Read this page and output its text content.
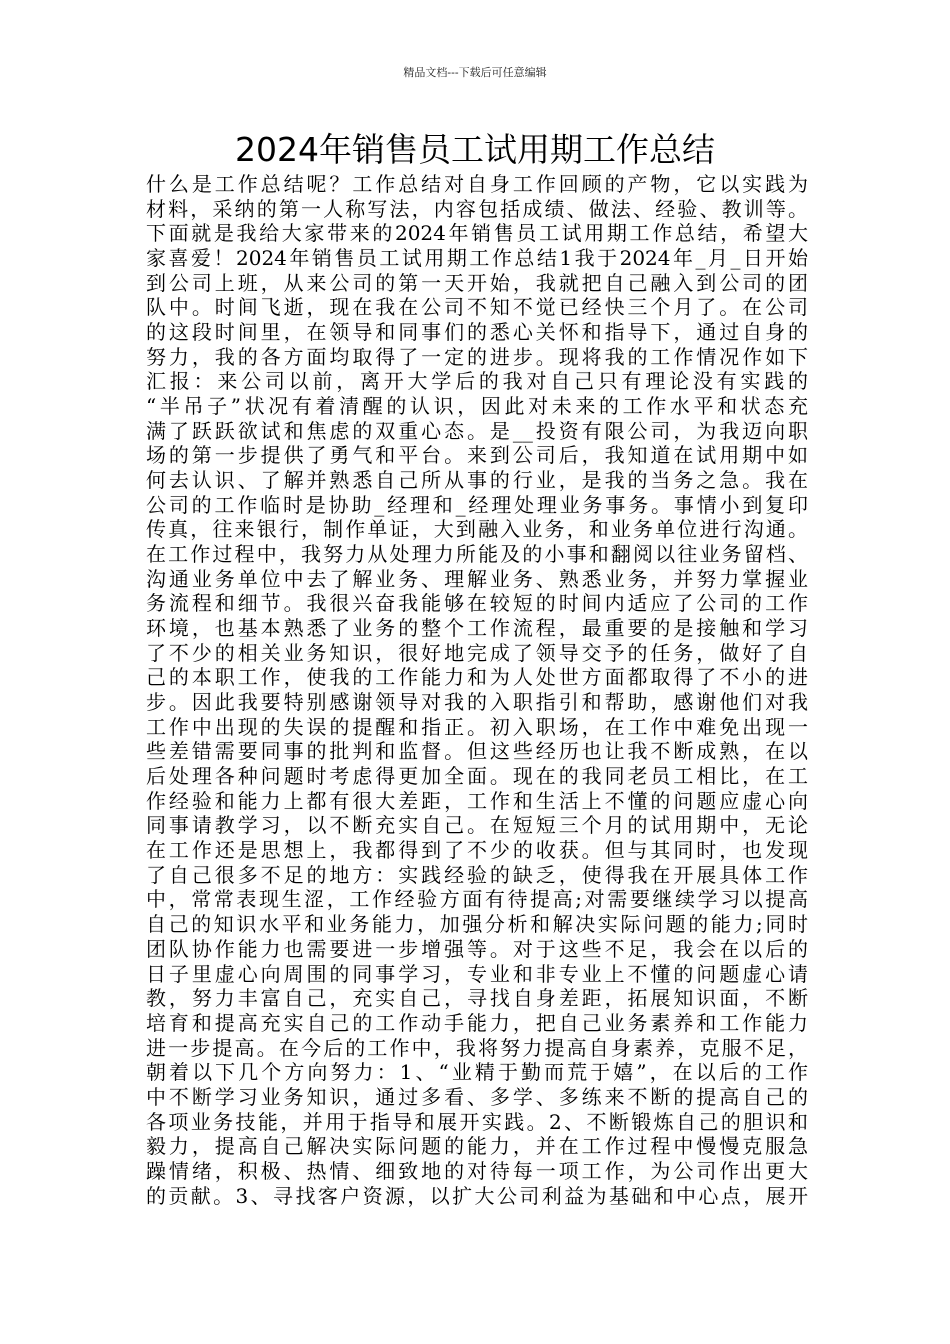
精品文档---下载后可任意编辑
2024年销售员工试用期工作总结
什么是工作总结呢？工作总结对自身工作回顾的产物，它以实践为
材料，采纳的第一人称写法，内容包括成绩、做法、经验、教训等。
下面就是我给大家带来的2024年销售员工试用期工作总结，希望大
家喜爱！2024年销售员工试用期工作总结1我于2024年_月_日开始
到公司上班，从来公司的第一天开始，我就把自己融入到公司的团
队中。时间飞逝，现在我在公司不知不觉已经快三个月了。在公司
的这段时间里，在领导和同事们的悉心关怀和指导下，通过自身的
努力，我的各方面均取得了一定的进步。现将我的工作情况作如下
汇报：来公司以前，离开大学后的我对自己只有理论没有实践的
“半吊子”状况有着清醒的认识，因此对未来的工作水平和状态充
满了跃跃欲试和焦虑的双重心态。是__投资有限公司，为我迈向职
场的第一步提供了勇气和平台。来到公司后，我知道在试用期中如
何去认识、了解并熟悉自己所从事的行业，是我的当务之急。我在
公司的工作临时是协助_经理和_经理处理业务事务。事情小到复印
传真，往来银行，制作单证，大到融入业务，和业务单位进行沟通。
在工作过程中，我努力从处理力所能及的小事和翻阅以往业务留档、
沟通业务单位中去了解业务、理解业务、熟悉业务，并努力掌握业
务流程和细节。我很兴奋我能够在较短的时间内适应了公司的工作
环境，也基本熟悉了业务的整个工作流程，最重要的是接触和学习
了不少的相关业务知识，很好地完成了领导交予的任务，做好了自
己的本职工作，使我的工作能力和为人处世方面都取得了不小的进
步。因此我要特别感谢领导对我的入职指引和帮助，感谢他们对我
工作中出现的失误的提醒和指正。初入职场，在工作中难免出现一
些差错需要同事的批判和监督。但这些经历也让我不断成熟，在以
后处理各种问题时考虑得更加全面。现在的我同老员工相比，在工
作经验和能力上都有很大差距，工作和生活上不懂的问题应虚心向
同事请教学习，以不断充实自己。在短短三个月的试用期中，无论
在工作还是思想上，我都得到了不少的收获。但与其同时，也发现
了自己很多不足的地方：实践经验的缺乏，使得我在开展具体工作
中，常常表现生涩，工作经验方面有待提高;对需要继续学习以提高
自己的知识水平和业务能力，加强分析和解决实际问题的能力;同时
团队协作能力也需要进一步增强等。对于这些不足，我会在以后的
日子里虚心向周围的同事学习，专业和非专业上不懂的问题虚心请
教，努力丰富自己，充实自己，寻找自身差距，拓展知识面，不断
培育和提高充实自己的工作动手能力，把自己业务素养和工作能力
进一步提高。在今后的工作中，我将努力提高自身素养，克服不足，
朝着以下几个方向努力：1、“业精于勤而荒于嬉”，在以后的工作
中不断学习业务知识，通过多看、多学、多练来不断的提高自己的
各项业务技能，并用于指导和展开实践。2、不断锻炼自己的胆识和
毅力，提高自己解决实际问题的能力，并在工作过程中慢慢克服急
躁情绪，积极、热情、细致地的对待每一项工作，为公司作出更大
的贡献。3、寻找客户资源，以扩大公司利益为基础和中心点，展开
